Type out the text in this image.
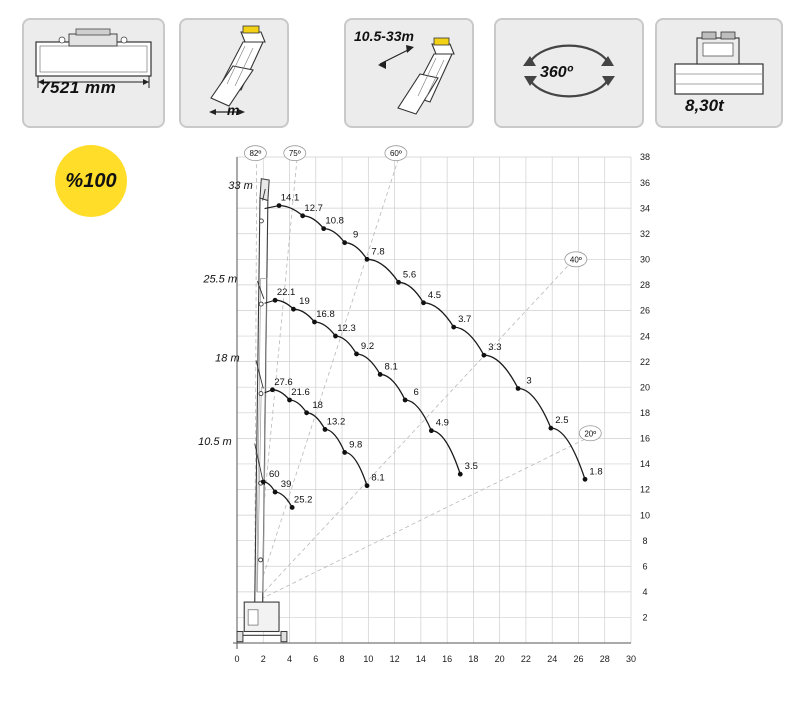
7521 mm
m
10.5-33m
360º
8,30t
%100
2
4
6
8
10
12
14
16
18
20
22
24
26
28
30
32
34
36
38
0 2 4 6 8 10 12 14 16 18 20 22 24 26 28 30
82º	75º	60º
40º
20º
33 m
25.5 m
18 m
10.5 m
14.1
12.7
10.8
9
7.8
5.6
4.5
3.7
3.3
3
2.5
1.8
22.1
19
16.8
12.3
9.2
8.1
6
4.9
3.5
27.6
21.6
18
13.2
9.8
8.1
60
39
25.2
